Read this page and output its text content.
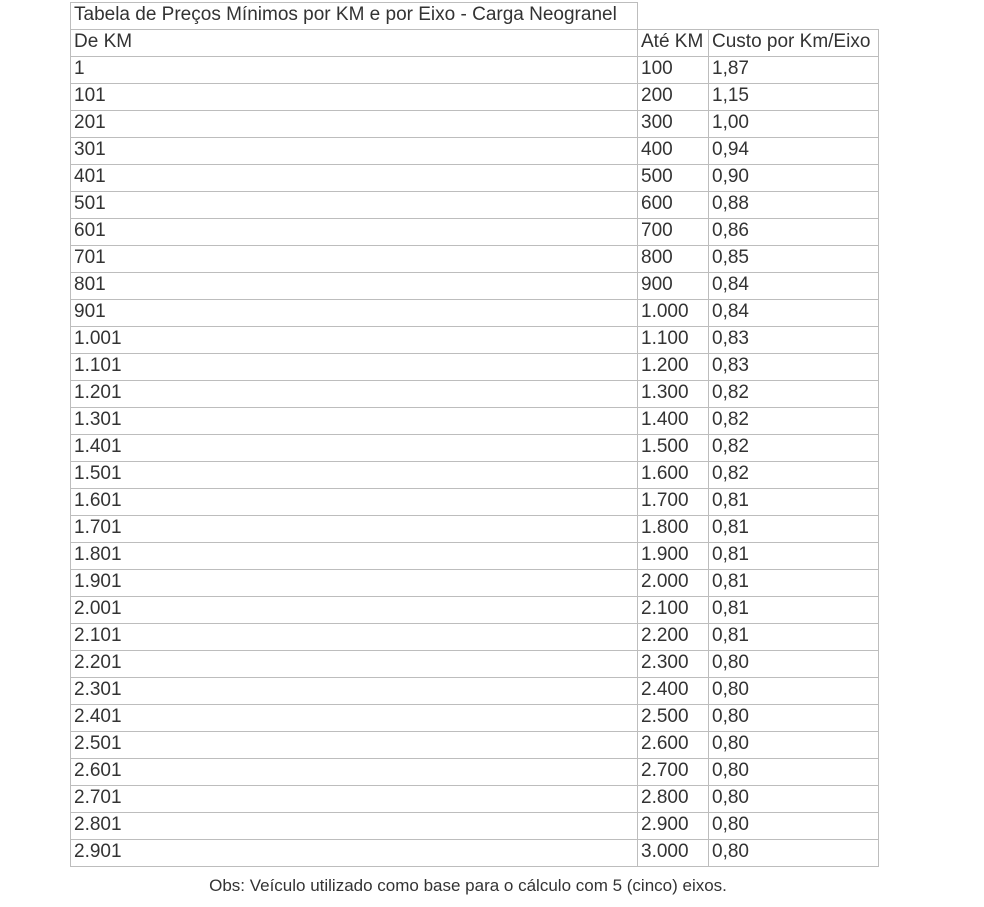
Tabela de Preços Mínimos por KM e por Eixo - Carga Neogranel		
De KM	Até KM	Custo por Km/Eixo
1	100	1,87
101	200	1,15
201	300	1,00
301	400	0,94
401	500	0,90
501	600	0,88
601	700	0,86
701	800	0,85
801	900	0,84
901	1.000	0,84
1.001	1.100	0,83
1.101	1.200	0,83
1.201	1.300	0,82
1.301	1.400	0,82
1.401	1.500	0,82
1.501	1.600	0,82
1.601	1.700	0,81
1.701	1.800	0,81
1.801	1.900	0,81
1.901	2.000	0,81
2.001	2.100	0,81
2.101	2.200	0,81
2.201	2.300	0,80
2.301	2.400	0,80
2.401	2.500	0,80
2.501	2.600	0,80
2.601	2.700	0,80
2.701	2.800	0,80
2.801	2.900	0,80
2.901	3.000	0,80
Obs: Veículo utilizado como base para o cálculo com 5 (cinco) eixos.
